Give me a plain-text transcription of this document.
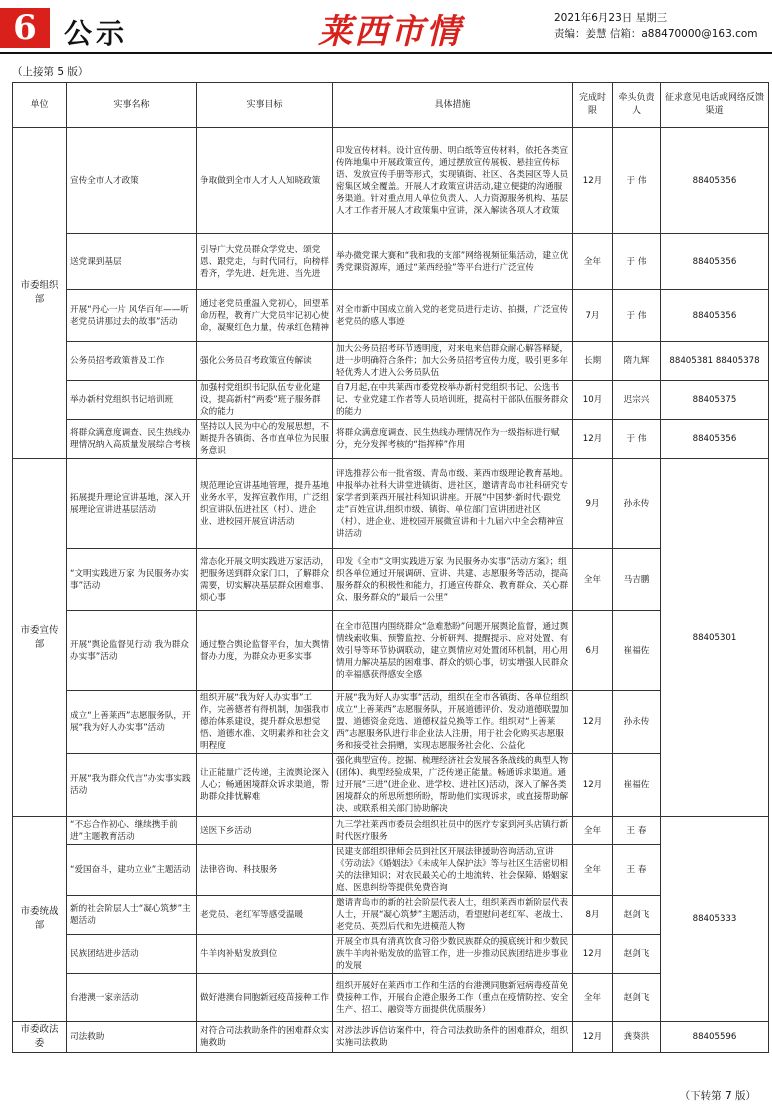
6 公示	莱西市情	2021年6月23日 星期三
责编：姜慧 信箱：a88470000@163.com
（上接第 5 版）
单位	实事名称	实事目标	具体措施	完成时限	牵头负责人	征求意见电话或网络反馈渠道
市委组织部	宣传全市人才政策	争取做到全市人才人人知晓政策	印发宣传材料。设计宣传册、明白纸等宣传材料，依托各类宣传阵地集中开展政策宣传，通过摆放宣传展板、悬挂宣传标语、发放宣传手册等形式，实现镇街、社区、各类园区等人员密集区域全覆盖。开展人才政策宣讲活动,建立便捷的沟通服务渠道。针对重点用人单位负责人、人力资源服务机构、基层人才工作者开展人才政策集中宣讲，深入解读各项人才政策	12月	于 伟	88405356
	送党课到基层	引导广大党员群众学党史、颂党恩、跟党走，与时代同行，向榜样看齐，学先进、赶先进、当先进	举办微党课大赛和“我和我的支部”网络视频征集活动，建立优秀党课资源库，通过“莱西经验”等平台进行广泛宣传	全年	于 伟	88405356
	开展“丹心一片 风华百年——听老党员讲那过去的故事”活动	通过老党员重温入党初心，回望革命历程，教育广大党员牢记初心使命，凝聚红色力量，传承红色精神	对全市新中国成立前入党的老党员进行走访、拍摄，广泛宣传老党员的感人事迹	7月	于 伟	88405356
	公务员招考政策普及工作	强化公务员召考政策宣传解读	加大公务员招考环节透明度，对来电来信群众耐心解答释疑，进一步明确符合条件；加大公务员招考宣传力度，吸引更多年轻优秀人才进入公务员队伍	长期	隋九辉	88405381 88405378
	举办新村党组织书记培训班	加强村党组织书记队伍专业化建设，提高新村“两委”班子服务群众的能力	自7月起,在中共莱西市委党校举办新村党组织书记、公选书记、专业党建工作者等人员培训班，提高村干部队伍服务群众的能力	10月	迟宗兴	88405375
	将群众满意度调查、民生热线办理情况纳入高质量发展综合考核	坚持以人民为中心的发展思想，不断提升各镇街、各市直单位为民服务意识	将群众满意度调查、民生热线办理情况作为一级指标进行赋分，充分发挥考核的“指挥棒”作用	12月	于 伟	88405356
市委宣传部	拓展提升理论宣讲基地，深入开展理论宣讲进基层活动	规范理论宣讲基地管理，提升基地业务水平，发挥宣教作用，广泛组织宣讲队伍进社区（村）、进企业、进校园开展宣讲活动	评选推荐公布一批省级、青岛市级、莱西市级理论教育基地。申报举办社科大讲堂进镇街、进社区，邀请青岛市社科研究专家学者到莱西开展社科知识讲座。开展“中国梦·新时代·跟党走”百姓宣讲,组织市级、镇街、单位部门宣讲团进社区（村）、进企业、进校园开展微宣讲和十九届六中全会精神宣讲活动	9月	孙永传	88405301
	“文明实践进万家 为民服务办实事”活动	常态化开展文明实践进万家活动，把服务送到群众家门口，了解群众需要，切实解决基层群众困难事、烦心事	印发《全市“文明实践进万家 为民服务办实事”活动方案》；组织各单位通过开展调研、宣讲、共建、志愿服务等活动，提高服务群众的积极性和能力，打通宣传群众、教育群众、关心群众、服务群众的“最后一公里”	全年	马吉鹏	
	开展“舆论监督见行动 我为群众办实事”活动	通过整合舆论监督平台，加大舆情督办力度，为群众办更多实事	在全市范围内围绕群众“急难愁盼”问题开展舆论监督，通过舆情线索收集、预警监控、分析研判、提醒提示、应对处置、有效引导等环节协调联动，建立舆情应对处置闭环机制，用心用情用力解决基层的困难事、群众的烦心事，切实增强人民群众的幸福感获得感安全感	6月	崔福佐	
	成立“上善莱西”志愿服务队，开展“我为好人办实事”活动	组织开展“我为好人办实事”工作，完善德者有得机制，加强我市德治体系建设，提升群众思想觉悟、道德水准、文明素养和社会文明程度	开展“我为好人办实事”活动，组织在全市各镇街、各单位组织成立“上善莱西”志愿服务队，开展道德评价、发动道德联盟加盟、道德资金竞选、道德权益兑换等工作。组织对“上善莱西”志愿服务队进行非企业法人注册，用于社会化购买志愿服务和接受社会捐赠，实现志愿服务社会化、公益化	12月	孙永传	
	开展“我为群众代言”办实事实践活动	让正能量广泛传递，主流舆论深入人心；畅通困境群众诉求渠道，帮助群众排忧解难	强化典型宣传。挖掘、梳理经济社会发展各条战线的典型人物(团体)、典型经验成果，广泛传递正能量。畅通诉求渠道。通过开展“三进”(进企业、进学校、进社区)活动，深入了解各类困境群众的所思所想所盼，帮助他们实现诉求，或直接帮助解决、或联系相关部门协助解决	12月	崔福佐	
市委统战部	“不忘合作初心、继续携手前进”主题教育活动	送医下乡活动	九三学社莱西市委员会组织社员中的医疗专家到河头店镇行新时代医疗服务	全年	王 春	88405333
	“爱国奋斗，建功立业”主题活动	法律咨询、科技服务	民建支部组织律师会员到社区开展法律援助咨询活动,宣讲《劳动法》《婚姻法》《未成年人保护法》等与社区生活密切相关的法律知识；对农民最关心的土地流转、社会保障、婚姻家庭、医患纠纷等提供免费咨询	全年	王 春	
	新的社会阶层人士“凝心筑梦”主题活动	老党员、老红军等感受温暖	邀请青岛市的新的社会阶层代表人士，组织莱西市新阶层代表人士，开展“凝心筑梦”主题活动，看望慰问老红军、老战士、老党员、英烈后代和先进模范人物	8月	赵剑飞	
	民族团结进步活动	牛羊肉补贴发放到位	开展全市具有清真饮食习俗少数民族群众的摸底统计和少数民族牛羊肉补贴发放的监管工作，进一步推动民族团结进步事业的发展	12月	赵剑飞	
	台港澳一家亲活动	做好港澳台同胞新冠疫苗接种工作	组织开展好在莱西市工作和生活的台港澳同胞新冠病毒疫苗免费接种工作，开展台企港企服务工作（重点在疫情防控、安全生产、招工、融资等方面提供优质服务）	全年	赵剑飞	
市委政法委	司法救助	对符合司法救助条件的困难群众实施救助	对涉法涉诉信访案件中，符合司法救助条件的困难群众，组织实施司法救助	12月	龚葵洪	88405596
（下转第 7 版）
